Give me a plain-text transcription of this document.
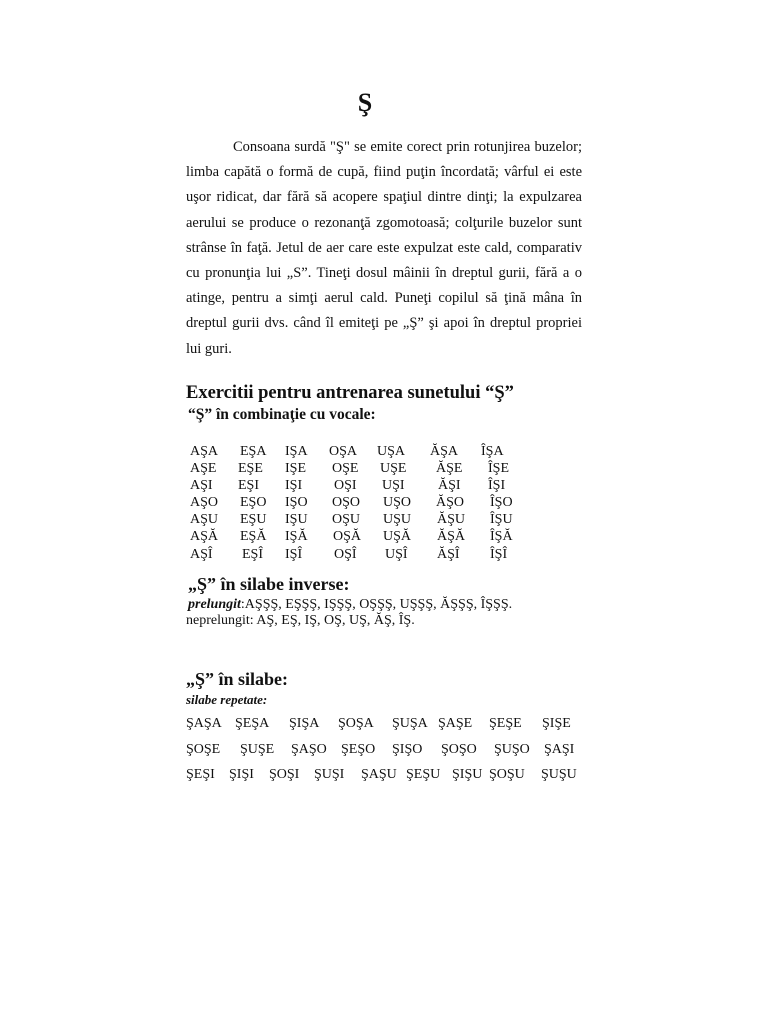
Ş

Consoana surdă "Ş" se emite corect prin rotunjirea buzelor; limba capătă o formă de cupă, fiind puţin încordată; vârful ei este uşor ridicat, dar fără să acopere spaţiul dintre dinţi; la expulzarea aerului se produce o rezonanţă zgomotoasă; colţurile buzelor sunt strânse în faţă. Jetul de aer care este expulzat este cald, comparativ cu pronunţia lui „S”. Tineţi dosul mâinii în dreptul gurii, fără a o atinge, pentru a simţi aerul cald. Puneţi copilul să ţină mâna în dreptul gurii dvs. când îl emiteţi pe „Ş” şi apoi în dreptul propriei lui guri.

Exercitii pentru antrenarea sunetului “Ş”
“Ş” în combinaţie cu vocale:
AŞA EŞA IŞA OŞA UŞA ĂŞA ÎŞA
AŞE EŞE IŞE OŞE UŞE ĂŞE ÎŞE
AŞI EŞI IŞI OŞI UŞI ĂŞI ÎŞI
AŞO EŞO IŞO OŞO UŞO ĂŞO ÎŞO
AŞU EŞU IŞU OŞU UŞU ĂŞU ÎŞU
AŞĂ EŞĂ IŞĂ OŞĂ UŞĂ ĂŞĂ ÎŞĂ
AŞÎ EŞÎ IŞÎ OŞÎ UŞÎ ĂŞÎ ÎŞÎ
„Ş” în silabe inverse:
prelungit:AŞŞŞ, EŞŞŞ, IŞŞŞ, OŞŞŞ, UŞŞŞ, ĂŞŞŞ, ÎŞŞŞ.
neprelungit: AŞ, EŞ, IŞ, OŞ, UŞ, ĂŞ, ÎŞ.
„Ş” în silabe:
silabe repetate:
ŞAŞA ŞEŞA ŞIŞA ŞOŞA ŞUŞA ŞAŞE ŞEŞE ŞIŞE
ŞOŞE ŞUŞE ŞAŞO ŞEŞO ŞIŞO ŞOŞO ŞUŞO ŞAŞI
ŞEŞI ŞIŞI ŞOŞI ŞUŞI ŞAŞU ŞEŞU ŞIŞU ŞOŞU ŞUŞU
